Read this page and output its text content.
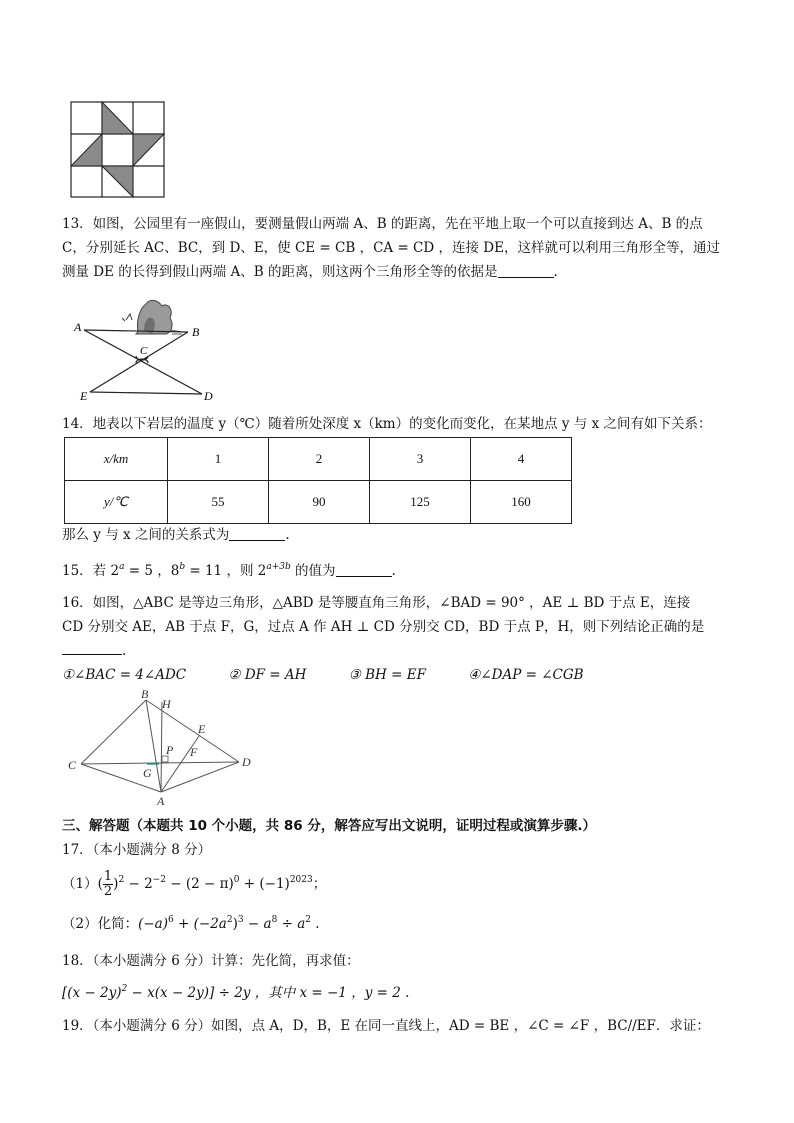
13．如图，公园里有一座假山，要测量假山两端 A、B 的距离，先在平地上取一个可以直接到达 A、B 的点
C，分别延长 AC、BC，到 D、E，使 CE = CB ，CA = CD ，连接 DE，这样就可以利用三角形全等，通过
测量 DE 的长得到假山两端 A、B 的距离，则这两个三角形全等的依据是	.
A	B
C
E	D
14．地表以下岩层的温度 y（℃）随着所处深度 x（km）的变化而变化，在某地点 y 与 x 之间有如下关系：
x/km	1	2	3	4
y/℃	55	90	125	160
那么 y 与 x 之间的关系式为	.
15．若 $2^a = 5$ ，$8^b = 11$ ，则 $2^{a+3b}$ 的值为	.
16．如图，△ABC 是等边三角形，△ABD 是等腰直角三角形，∠BAD = 90° ，AE ⊥ BD 于点 E，连接
CD 分别交 AE，AB 于点 F，G，过点 A 作 AH ⊥ CD 分别交 CD，BD 于点 P，H，则下列结论正确的是
.
①∠BAC = 4∠ADC	② DF = AH	③ BH = EF	④∠DAP = ∠CGB
B
H
E
F
P
C
G
D
A
三、解答题（本题共 10 个小题，共 86 分，解答应写出文说明，证明过程或演算步骤.）
17．（本小题满分 8 分）
$(1)( \frac{1}{2} )^2 - 2^{-2} - (2 - \pi)^0 + (-1)^{2023}$；
（2）化简：$(-a)^6 + (-2a^2)^3 - a^8 \div a^2$ .
18．（本小题满分 6 分）计算：先化简，再求值：
$[(x - 2y)^2 - x(x - 2y)] \div 2y$ ，其中 x = −1 ，y = 2 .
19．（本小题满分 6 分）如图，点 A，D，B，E 在同一直线上，AD = BE ，∠C = ∠F ，BC//EF．求证：
